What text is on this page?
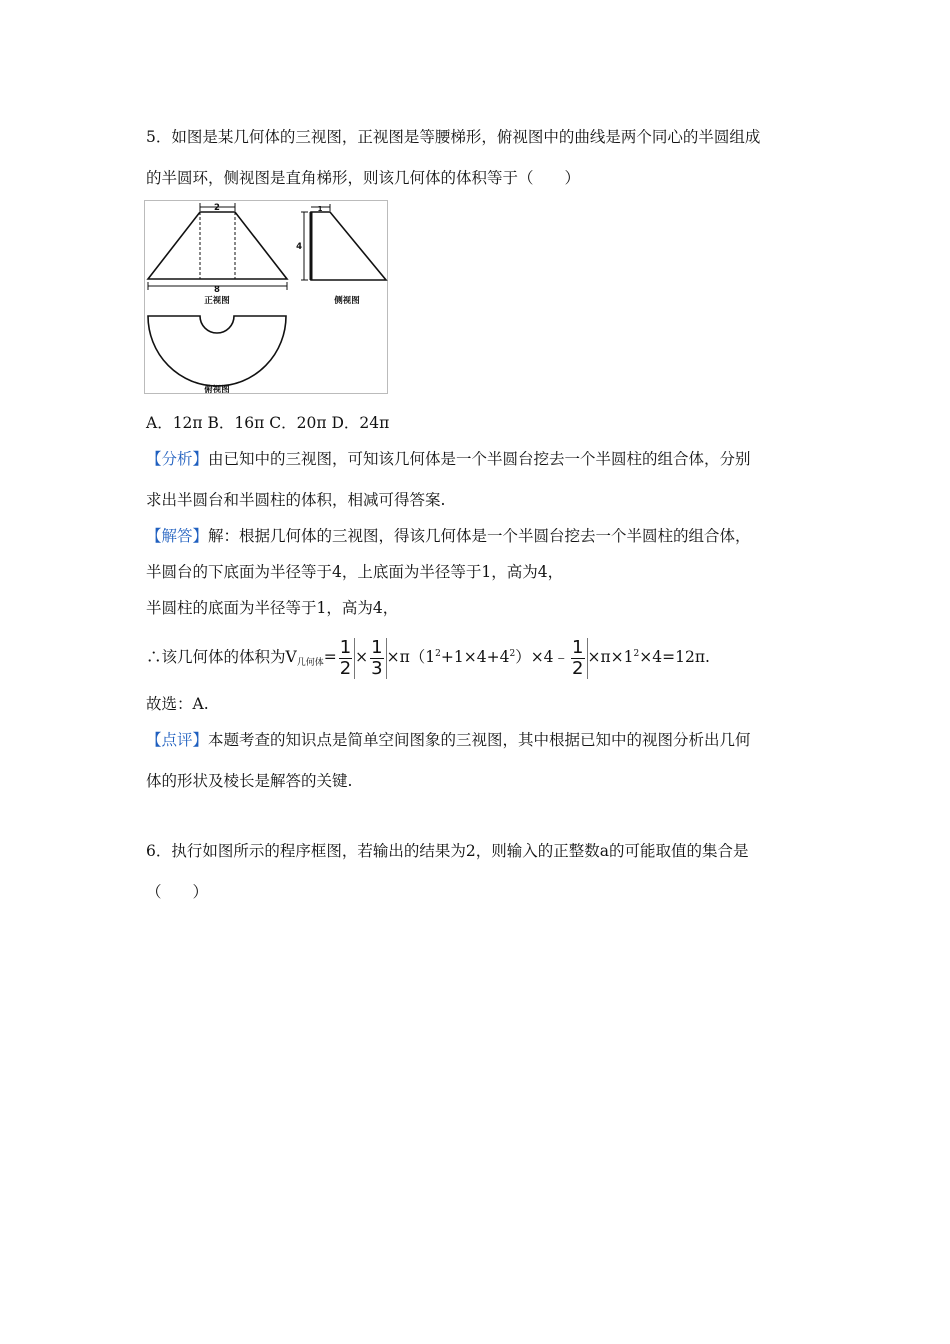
5．如图是某几何体的三视图，正视图是等腰梯形，俯视图中的曲线是两个同心的半圆组成
的半圆环，侧视图是直角梯形，则该几何体的体积等于（　　）
2
8
正视图
1
4
侧视图
俯视图
A．12π B．16π C．20π D．24π
【分析】由已知中的三视图，可知该几何体是一个半圆台挖去一个半圆柱的组合体，分别
求出半圆台和半圆柱的体积，相减可得答案.
【解答】解：根据几何体的三视图，得该几何体是一个半圆台挖去一个半圆柱的组合体，
半圆台的下底面为半径等于4，上底面为半径等于1，高为4，
半圆柱的底面为半径等于1，高为4，
∴该几何体的体积为$V_{几何体}= \frac{1}{2} \times \frac{1}{3}$ $\times\pi(1^2+1\times 4+4^2)\times 4﹣ \frac{1}{2} \times\pi\times 1^2\times 4=12\pi$.
故选：A.
【点评】本题考查的知识点是简单空间图象的三视图，其中根据已知中的视图分析出几何
体的形状及棱长是解答的关键.
6．执行如图所示的程序框图，若输出的结果为2，则输入的正整数a的可能取值的集合是
（　　）
